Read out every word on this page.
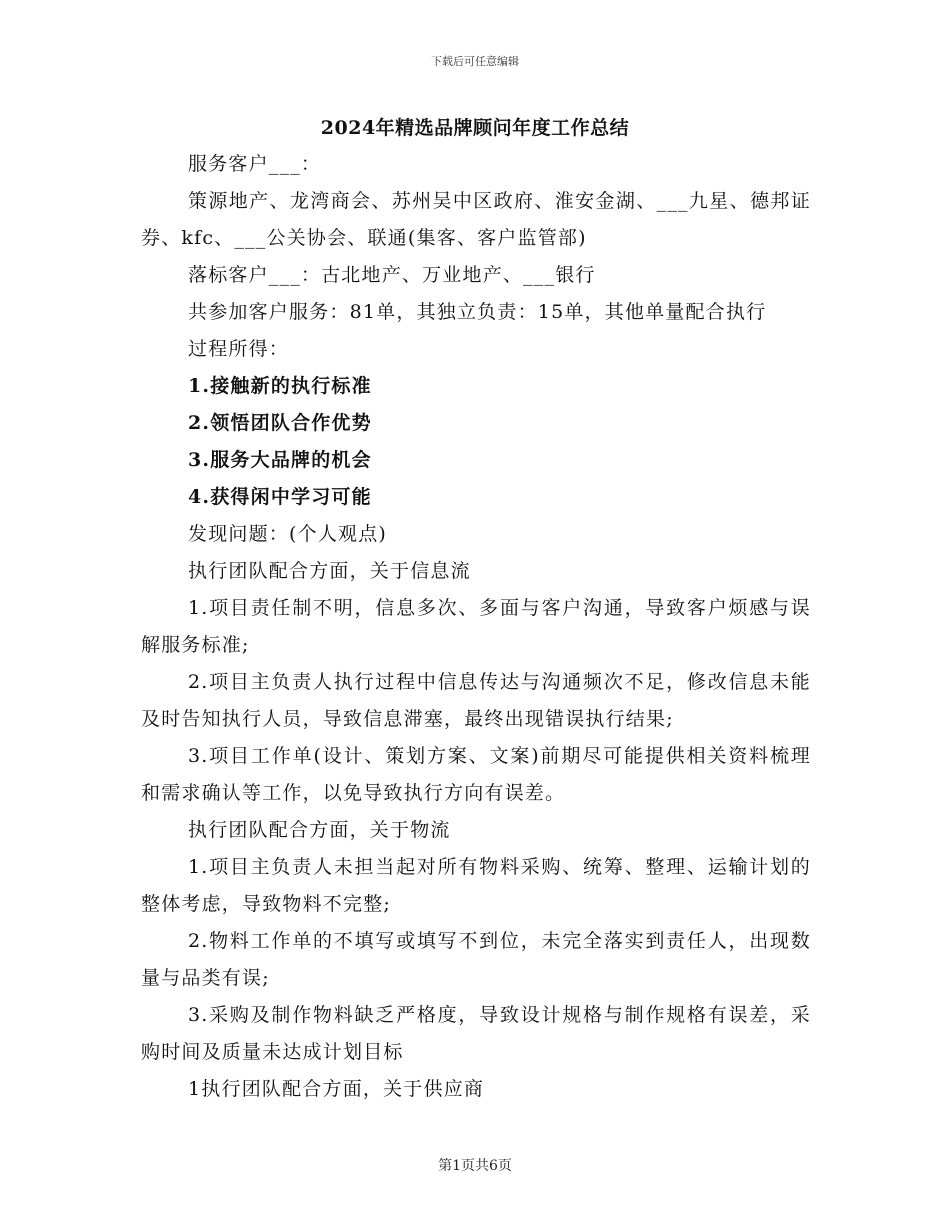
下载后可任意编辑
2024年精选品牌顾问年度工作总结

服务客户___：

策源地产、龙湾商会、苏州吴中区政府、淮安金湖、___九星、德邦证券、kfc、___公关协会、联通(集客、客户监管部)

落标客户___：古北地产、万业地产、___银行

共参加客户服务：81单，其独立负责：15单，其他单量配合执行

过程所得：

1.接触新的执行标准

2.领悟团队合作优势

3.服务大品牌的机会

4.获得闲中学习可能

发现问题：(个人观点)

执行团队配合方面，关于信息流

1.项目责任制不明，信息多次、多面与客户沟通，导致客户烦感与误解服务标准;

2.项目主负责人执行过程中信息传达与沟通频次不足，修改信息未能及时告知执行人员，导致信息滞塞，最终出现错误执行结果;

3.项目工作单(设计、策划方案、文案)前期尽可能提供相关资料梳理和需求确认等工作，以免导致执行方向有误差。

执行团队配合方面，关于物流

1.项目主负责人未担当起对所有物料采购、统筹、整理、运输计划的整体考虑，导致物料不完整;

2.物料工作单的不填写或填写不到位，未完全落实到责任人，出现数量与品类有误;

3.采购及制作物料缺乏严格度，导致设计规格与制作规格有误差，采购时间及质量未达成计划目标

1执行团队配合方面，关于供应商

第1页共6页
